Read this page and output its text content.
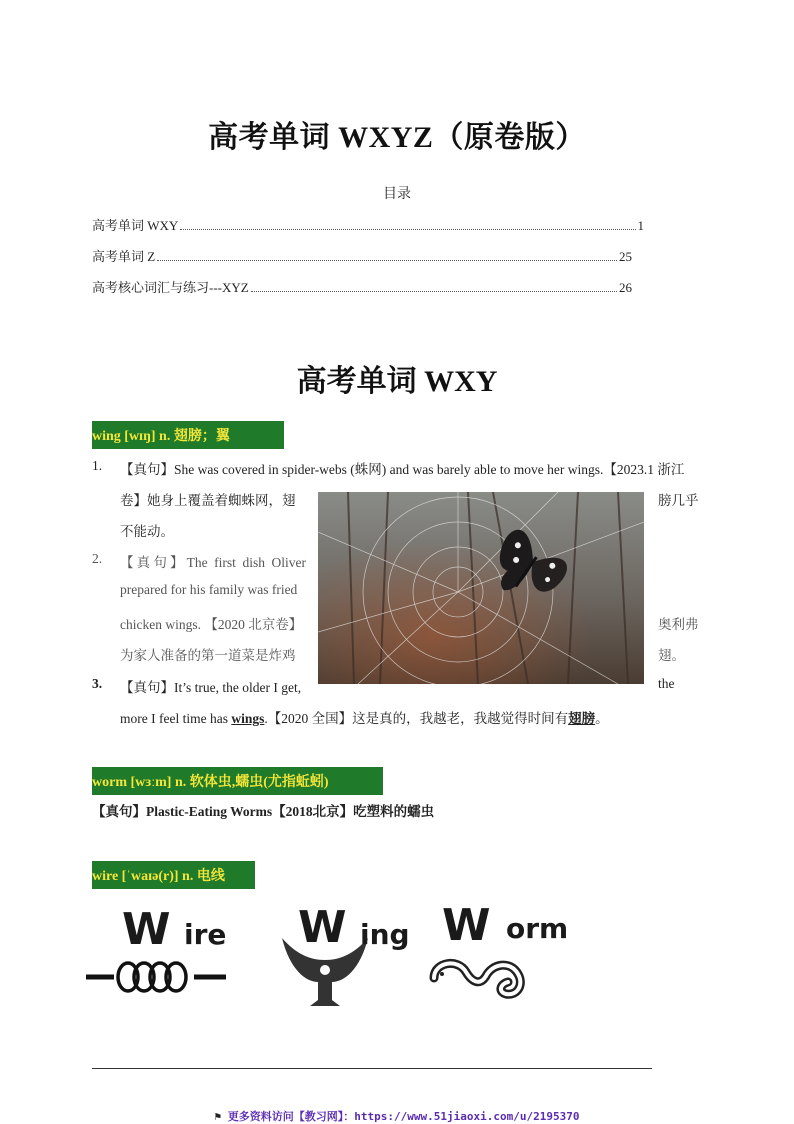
高考单词 WXYZ（原卷版）
目录
高考单词 WXY	1
高考单词 Z	25
高考核心词汇与练习---XYZ	26
高考单词 WXY
wing [wɪŋ] n. 翅膀；翼
1. 【真句】She was covered in spider-webs (蛛网) and was barely able to move her wings.【2023.1 浙江
卷】她身上覆盖着蜘蛛网，翅	膀几乎
不能动。
2. 【真句】The first dish Oliver
prepared for his family was fried
chicken wings. 【2020 北京卷】	奥利弗
为家人准备的第一道菜是炸鸡	翅。
3. 【真句】It’s true, the older I get,	the
more I feel time has wings.【2020 全国】这是真的，我越老，我越觉得时间有翅膀。
worm [wɜːm] n. 软体虫,蠕虫(尤指蚯蚓)
【真句】Plastic-Eating Worms【2018北京】吃塑料的蠕虫
wire [ˈwaɪə(r)] n. 电线
W ire W ing W orm
⚑ 更多资料访问【教习网】：https://www.51jiaoxi.com/u/2195370
